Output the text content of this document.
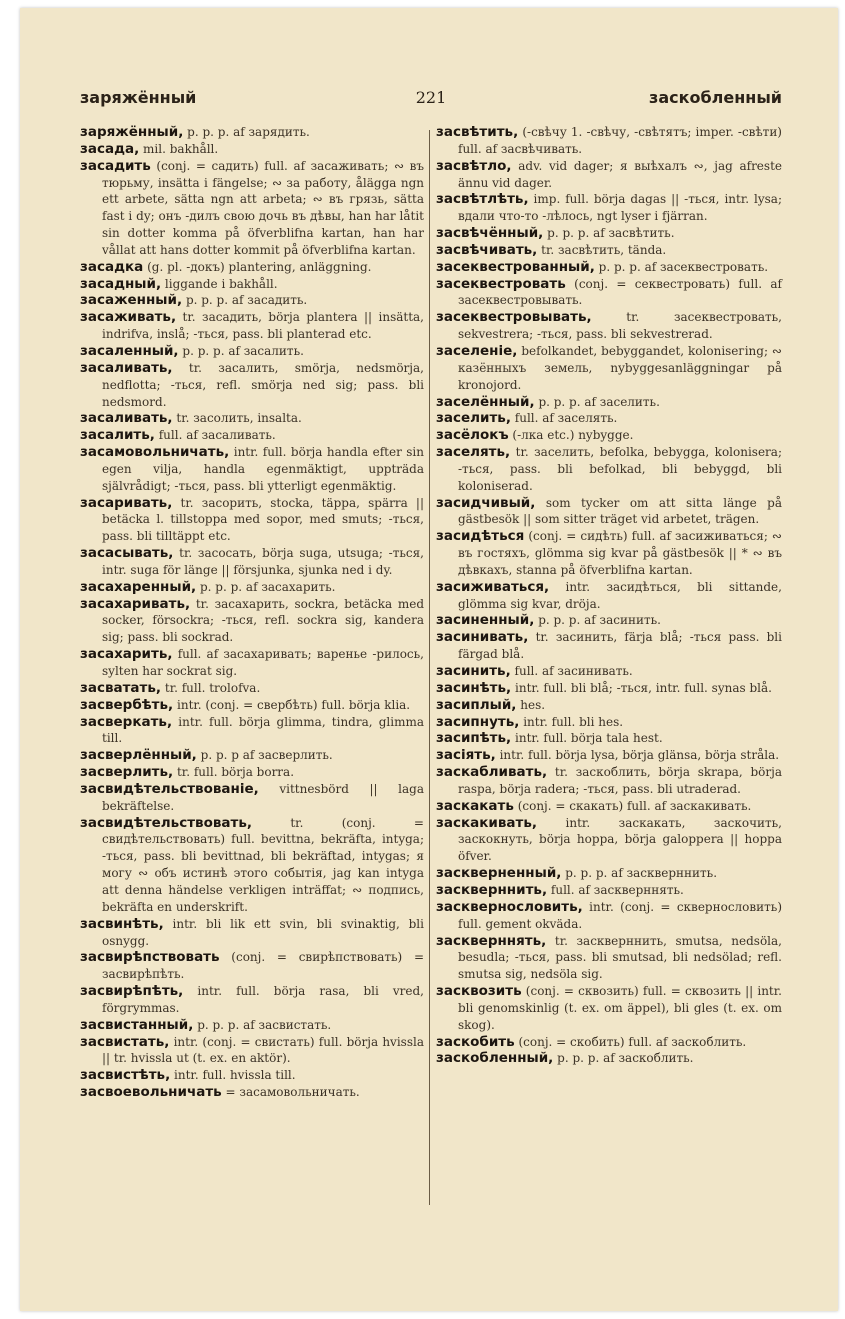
заряжённый	221	заскобленный
заряжённый, p. p. p. af зарядить.
засада, mil. bakhåll.
засадить (conj. = садить) full. af засаживать; ∾ въ тюрьму, insätta i fängelse; ∾ за работу, ålägga ngn ett arbete, sätta ngn att arbeta; ∾ въ грязь, sätta fast i dy; онъ -дилъ свою дочь въ дѣвы, han har låtit sin dotter komma på öfverblifna kartan, han har vållat att hans dotter kommit på öfverblifna kartan.
засадка (g. pl. -докъ) plantering, anläggning.
засадный, liggande i bakhåll.
засаженный, p. p. p. af засадить.
засаживать, tr. засадить, börja plantera || insätta, indrifva, inslå; -ться, pass. bli planterad etc.
засаленный, p. p. p. af засалить.
засаливать, tr. засалить, smörja, nedsmörja, nedflotta; -ться, refl. smörja ned sig; pass. bli nedsmord.
засаливать, tr. засолить, insalta.
засалить, full. af засаливать.
засамовольничать, intr. full. börja handla efter sin egen vilja, handla egenmäktigt, uppträda självrådigt; -ться, pass. bli ytterligt egenmäktig.
засаривать, tr. засорить, stocka, täppa, spärra || betäcka l. tillstoppa med sopor, med smuts; -ться, pass. bli tilltäppt etc.
засасывать, tr. засосать, börja suga, utsuga; -ться, intr. suga för länge || försjunka, sjunka ned i dy.
засахаренный, p. p. p. af засахарить.
засахаривать, tr. засахарить, sockra, betäcka med socker, försockra; -ться, refl. sockra sig, kandera sig; pass. bli sockrad.
засахарить, full. af засахаривать; варенье -рилось, syltеn har sockrat sig.
засватать, tr. full. trolofva.
засвербѣть, intr. (conj. = свербѣть) full. börja klia.
засверкать, intr. full. börja glimma, tindra, glimma till.
засверлённый, p. p. p af засверлить.
засверлить, tr. full. börja borra.
засвидѣтельствованіе, vittnesbörd || laga bekräftelse.
засвидѣтельствовать,	tr. (conj. = свидѣтельствовать) full. bevittna, bekräfta, intyga; -ться, pass. bli bevittnad, bli bekräftad, intygas; я могу ∾ объ истинѣ этого событія, jag kan intyga att denna händelse verkligen inträffat; ∾ подпись, bekräfta en underskrift.
засвинѣть, intr. bli lik ett svin, bli svinaktig, bli osnygg.
засвирѣпствовать (conj. = свирѣпствовать) = засвирѣпѣть.
засвирѣпѣть, intr. full. börja rasa, bli vred, förgrymmas.
засвистанный, p. p. p. af засвистать.
засвистать, intr. (conj. = свистать) full. börja hvissla || tr. hvissla ut (t. ex. en aktör).
засвистѣть, intr. full. hvissla till.
засвоевольничать = засамовольничать.
засвѣтить, (-свѣчу 1. -свѣчу, -свѣтятъ; imper. -свѣти) full. af засвѣчивать.
засвѣтло, adv. vid dager; я выѣхалъ ∾, jag afreste ännu vid dager.
засвѣтлѣть, imp. full. börja dagas || -ться, intr. lysa; вдали что-то -лѣлось, ngt lyser i fjärran.
засвѣчённый, p. p. p. af засвѣтить.
засвѣчивать, tr. засвѣтить, tända.
засеквестрованный, p. p. p. af засеквестровать.
засеквестровать (conj. = секвестровать) full. af засеквестровывать.
засеквестровывать,	tr. засеквестровать, sekvestrera; -ться, pass. bli sekvestrerad.
заселеніе, befolkandet, bebyggandet, koloniseгing; ∾ казённыхъ земель, nybyggesanläggningar på kronojord.
заселённый, p. p. p. af заселить.
заселить, full. af заселять.
засёлокъ (-лка etc.) nybygge.
заселять, tr. заселить, befolka, bebygga, kolonisera; -ться, pass. bli befolkad, bli bebyggd, bli koloniserad.
засидчивый, som tycker om att sitta länge på gästbesök || som sitter träget vid arbetet, trägen.
засидѣться (conj. = сидѣть) full. af засиживаться; ∾ въ гостяхъ, glömma sig kvar på gästbesök || * ∾ въ дѣвкахъ, stanna på öfverblifna kartan.
засиживаться, intr. засидѣться, bli sittande, glömma sig kvar, dröja.
засиненный, p. p. p. af засинить.
засинивать, tr. засинить, färja blå; -ться pass. bli färgad blå.
засинить, full. af засинивать.
засинѣть, intr. full. bli blå; -ться, intr. full. synas blå.
засиплый, hes.
засипнуть, intr. full. bli hes.
засипѣть, intr. full. börja tala hest.
засіять, intr. full. börja lysa, börja glänsa, börja stråla.
заскабливать, tr. заскоблить, börja skrapa, börja raspa, börja radera; -ться, pass. bli utraderad.
заскакать (conj. = скакать) full. af заскакивать.
заскакивать, intr. заскакать, заскочить, заскокнуть, börja hoppa, börja galoppera || hoppa öfver.
заскверненный, p. p. p. af заскверннить.
заскверннить, full. af заскверннять.
засквернословить, intr. (conj. = сквернословить) full. gement okväda.
заскверннять, tr. заскверннить, smutsa, nedsöla, besudla; -ться, pass. bli smutsad, bli nedsölad; refl. smutsa sig, nedsöla sig.
засквозить (conj. = сквозить) full. = сквозить || intr. bli genomskinlig (t. ex. om äppel), bli gles (t. ex. om skog).
заскобить (conj. = скобить) full. af заскоблить.
заскобленный, p. p. p. af заскоблить.
